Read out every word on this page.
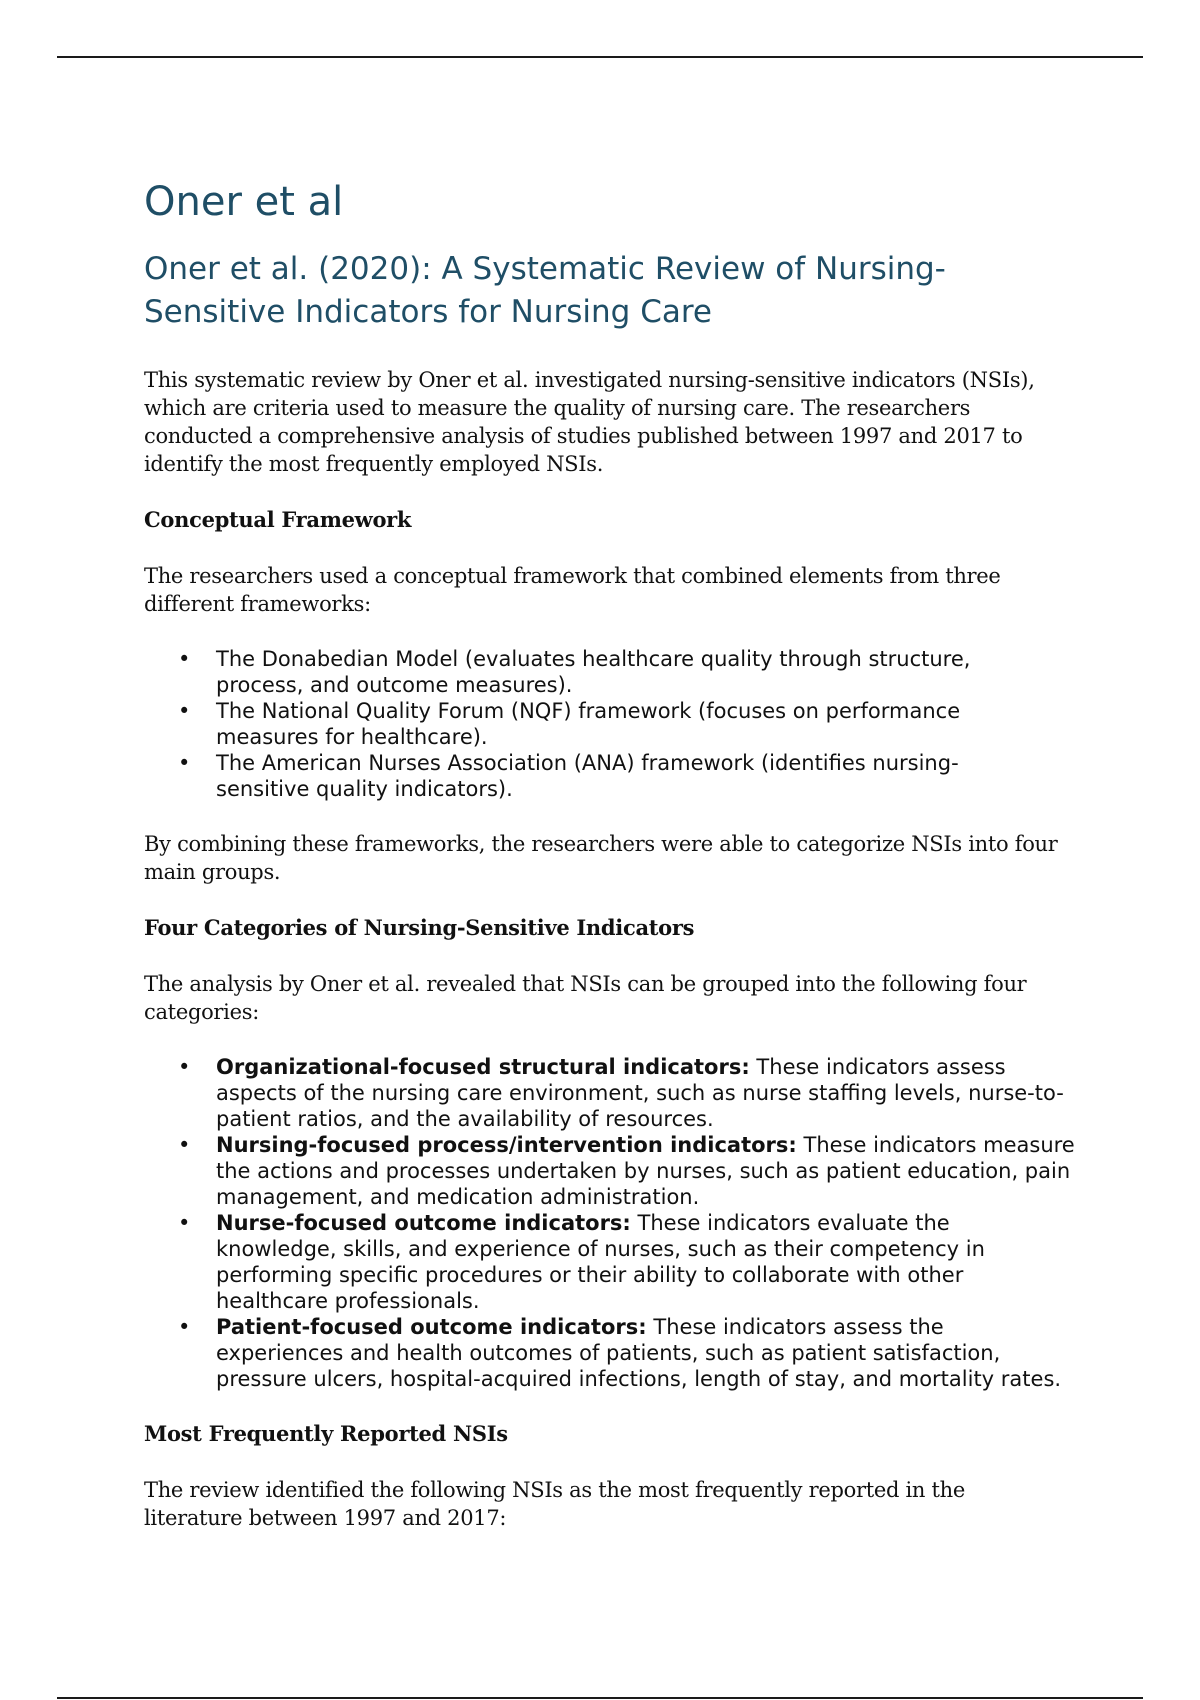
Oner et al
Oner et al. (2020): A Systematic Review of Nursing-Sensitive Indicators for Nursing Care

This systematic review by Oner et al. investigated nursing-sensitive indicators (NSIs), which are criteria used to measure the quality of nursing care. The researchers conducted a comprehensive analysis of studies published between 1997 and 2017 to identify the most frequently employed NSIs.

Conceptual Framework

The researchers used a conceptual framework that combined elements from three different frameworks:

• The Donabedian Model (evaluates healthcare quality through structure, process, and outcome measures).
• The National Quality Forum (NQF) framework (focuses on performance measures for healthcare).
• The American Nurses Association (ANA) framework (identifies nursing-sensitive quality indicators).

By combining these frameworks, the researchers were able to categorize NSIs into four main groups.

Four Categories of Nursing-Sensitive Indicators

The analysis by Oner et al. revealed that NSIs can be grouped into the following four categories:

• Organizational-focused structural indicators: These indicators assess aspects of the nursing care environment, such as nurse staffing levels, nurse-to-patient ratios, and the availability of resources.
• Nursing-focused process/intervention indicators: These indicators measure the actions and processes undertaken by nurses, such as patient education, pain management, and medication administration.
• Nurse-focused outcome indicators: These indicators evaluate the knowledge, skills, and experience of nurses, such as their competency in performing specific procedures or their ability to collaborate with other healthcare professionals.
• Patient-focused outcome indicators: These indicators assess the experiences and health outcomes of patients, such as patient satisfaction, pressure ulcers, hospital-acquired infections, length of stay, and mortality rates.
Most Frequently Reported NSIs

The review identified the following NSIs as the most frequently reported in the literature between 1997 and 2017:
